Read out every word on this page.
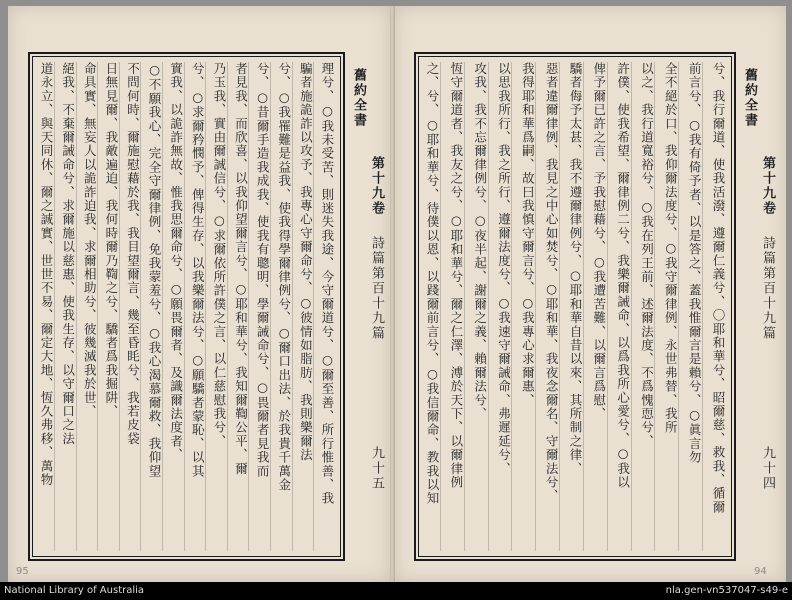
兮、我行爾道、使我活潑、遵爾仁義兮、〇耶和華兮、昭爾慈、救我、循爾
前言兮、○我有倚予者、以是答之、蓋我惟爾言是賴兮、○眞言勿
全不絕於口、我仰爾法度兮、○我守爾律例、永世弗替、我所
以之、我行道寬裕兮、○我在列王前、述爾法度、不爲愧恧兮、
許僕、使我希望、爾律例二兮、我樂爾誡命、以爲我所心愛兮、○我以
俾予爾已許之言、予我慰藉兮、○我遭苦難、以爾言爲慰、
驕者侮予太甚、我不遵爾律例兮、○耶和華自昔以來、其所制之律、
惡者違爾律例、我見之中心如焚兮、○耶和華、我夜念爾名、守爾法兮、
我得耶和華爲嗣、故曰我慎守爾言兮、○我專心求爾惠、
以思我所行、我之所行、遵爾法度兮、○我速守爾誡命、弗遲延兮、
攻我、我不忘爾律例兮、○夜半起、謝爾之義、賴爾法兮、
恆守爾道者、我友之兮、○耶和華兮、爾之仁澤、溥於天下、以爾律例
之、兮、○耶和華兮、待僕以恩、以踐爾前言兮、○我信爾命、教我以知	舊約全書
第十九卷
詩篇第百十九篇
九十四
94
理兮、○我未受苦、則迷失我途、今守爾道兮、○爾至善、所行惟善、我
騙者施詭詐以攻予、我專心守爾命兮、○彼情如脂肪、我則樂爾法
兮、○我罹難是益我、使我得學爾律例兮、○爾口出法、於我貴千萬金
兮、○昔爾手造我成我、使我有聰明、學爾誡命兮、○畏爾者見我而
者見我、而欣喜、以我仰望爾言兮、○耶和華兮、我知爾鞫公平、爾
乃玉我、實由爾誠信兮、○求爾依所許僕之言、以仁慈慰我兮、
兮、○求爾矜憫予、俾得生存、以我樂爾法兮、○願驕者蒙恥、以其
實我、以詭詐無故、惟我思爾命兮、○願畏爾者、及識爾法度者、
○不願我心、完全守爾律例、免我蒙羞兮、○我心渴慕爾救、我仰望
不問何時、爾施慰藉於我、我目望爾言、幾至昏眊兮、我若皮袋
日無見爾、我敵遍迫、我何時爾乃鞫之兮、驕者爲我掘阱、
命具實、無妄人以詭詐迫我、求爾相助兮、彼幾滅我於世、
絕我、不棄爾誡命兮、求爾施以慈惠、使我生存、以守爾口之法
道永立、與天同休、爾之誠實、世世不易、爾定大地、恆久弗移、萬物	舊約全書
第十九卷
詩篇第百十九篇
九十五
95
National Library of Australia	nla.gen-vn537047-s49-e
